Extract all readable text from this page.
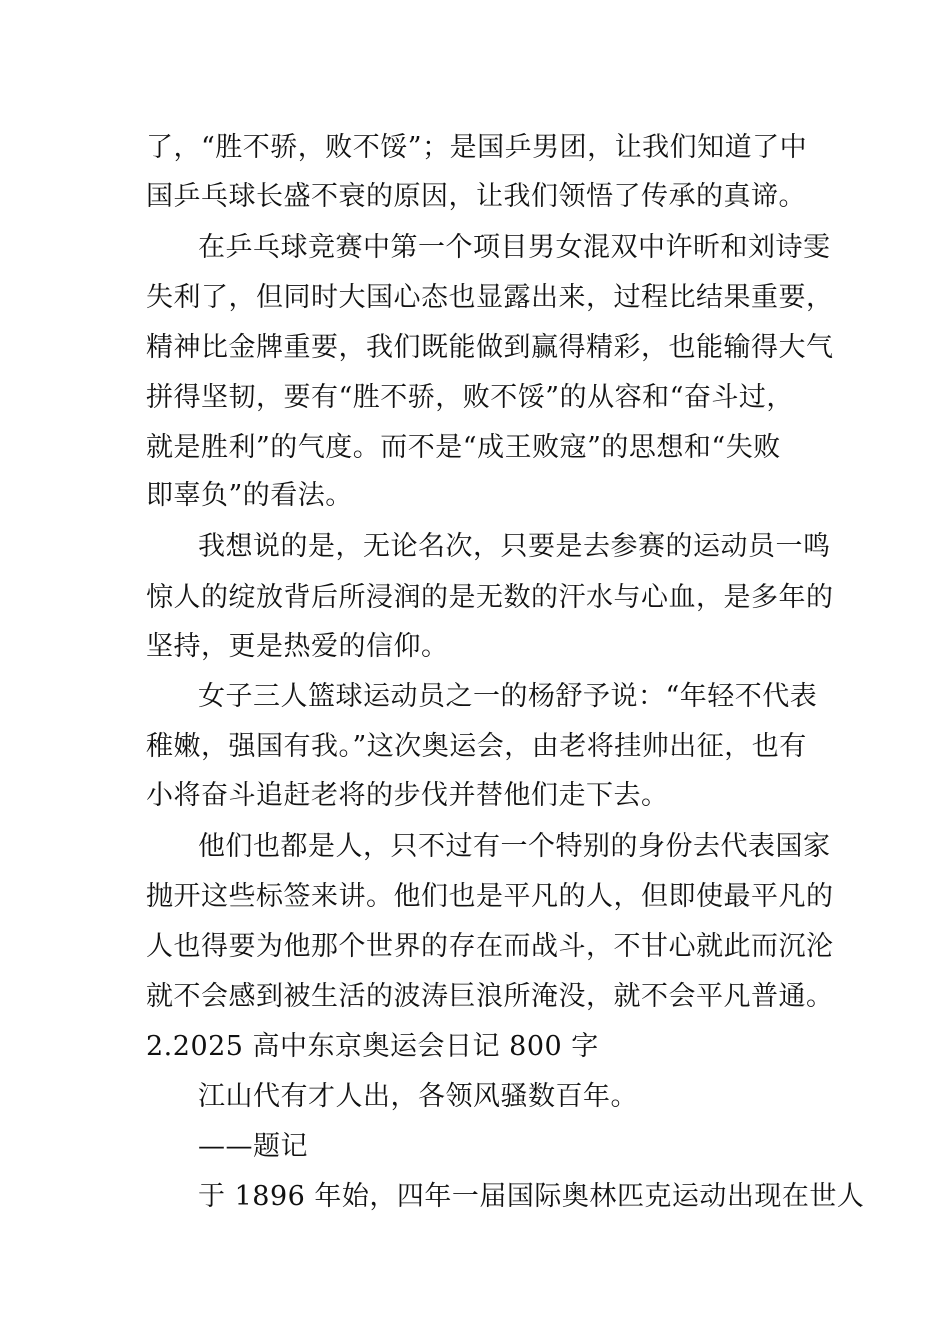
了，“胜不骄，败不馁”；是国乒男团，让我们知道了中
国乒乓球长盛不衰的原因，让我们领悟了传承的真谛。
在乒乓球竞赛中第一个项目男女混双中许昕和刘诗雯
失利了，但同时大国心态也显露出来，过程比结果重要，
精神比金牌重要，我们既能做到赢得精彩，也能输得大气
拼得坚韧，要有“胜不骄，败不馁”的从容和“奋斗过，
就是胜利”的气度。而不是“成王败寇”的思想和“失败
即辜负”的看法。
我想说的是，无论名次，只要是去参赛的运动员一鸣
惊人的绽放背后所浸润的是无数的汗水与心血，是多年的
坚持，更是热爱的信仰。
女子三人篮球运动员之一的杨舒予说：“年轻不代表
稚嫩，强国有我。”这次奥运会，由老将挂帅出征，也有
小将奋斗追赶老将的步伐并替他们走下去。
他们也都是人，只不过有一个特别的身份去代表国家
抛开这些标签来讲。他们也是平凡的人，但即使最平凡的
人也得要为他那个世界的存在而战斗，不甘心就此而沉沦
就不会感到被生活的波涛巨浪所淹没，就不会平凡普通。
2.2025 高中东京奥运会日记 800 字
江山代有才人出，各领风骚数百年。
——题记
于 1896 年始，四年一届国际奥林匹克运动出现在世人
